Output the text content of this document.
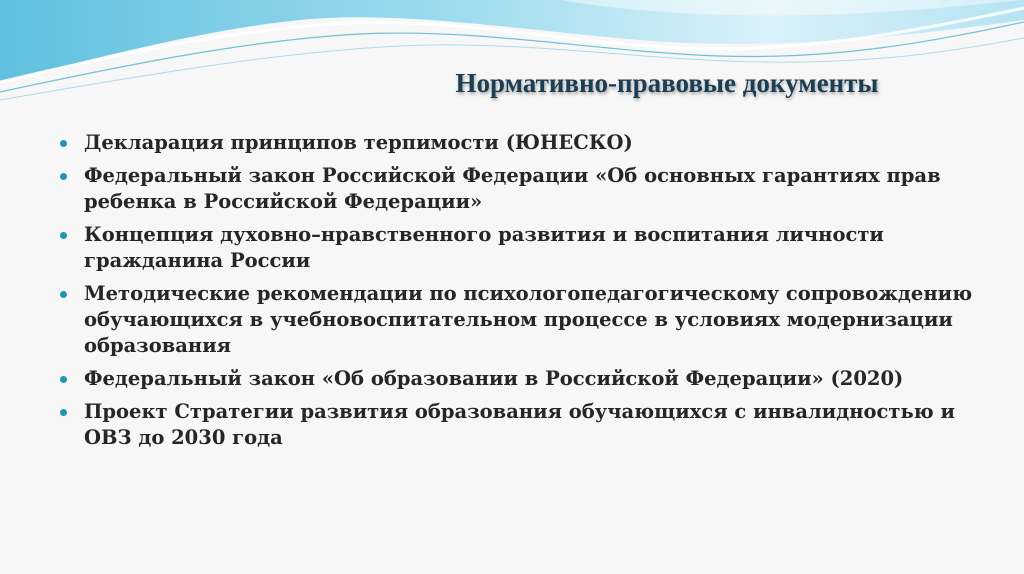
Нормативно-правовые документы
Декларация принципов терпимости (ЮНЕСКО)
Федеральный закон Российской Федерации «Об основных гарантиях прав ребенка в Российской Федерации»
Концепция духовно–нравственного развития и воспитания личности гражданина России
Методические рекомендации по психологопедагогическому сопровождению обучающихся в учебновоспитательном процессе в условиях модернизации образования
Федеральный закон «Об образовании в Российской Федерации» (2020)
Проект Стратегии развития образования обучающихся с инвалидностью и ОВЗ до 2030 года
